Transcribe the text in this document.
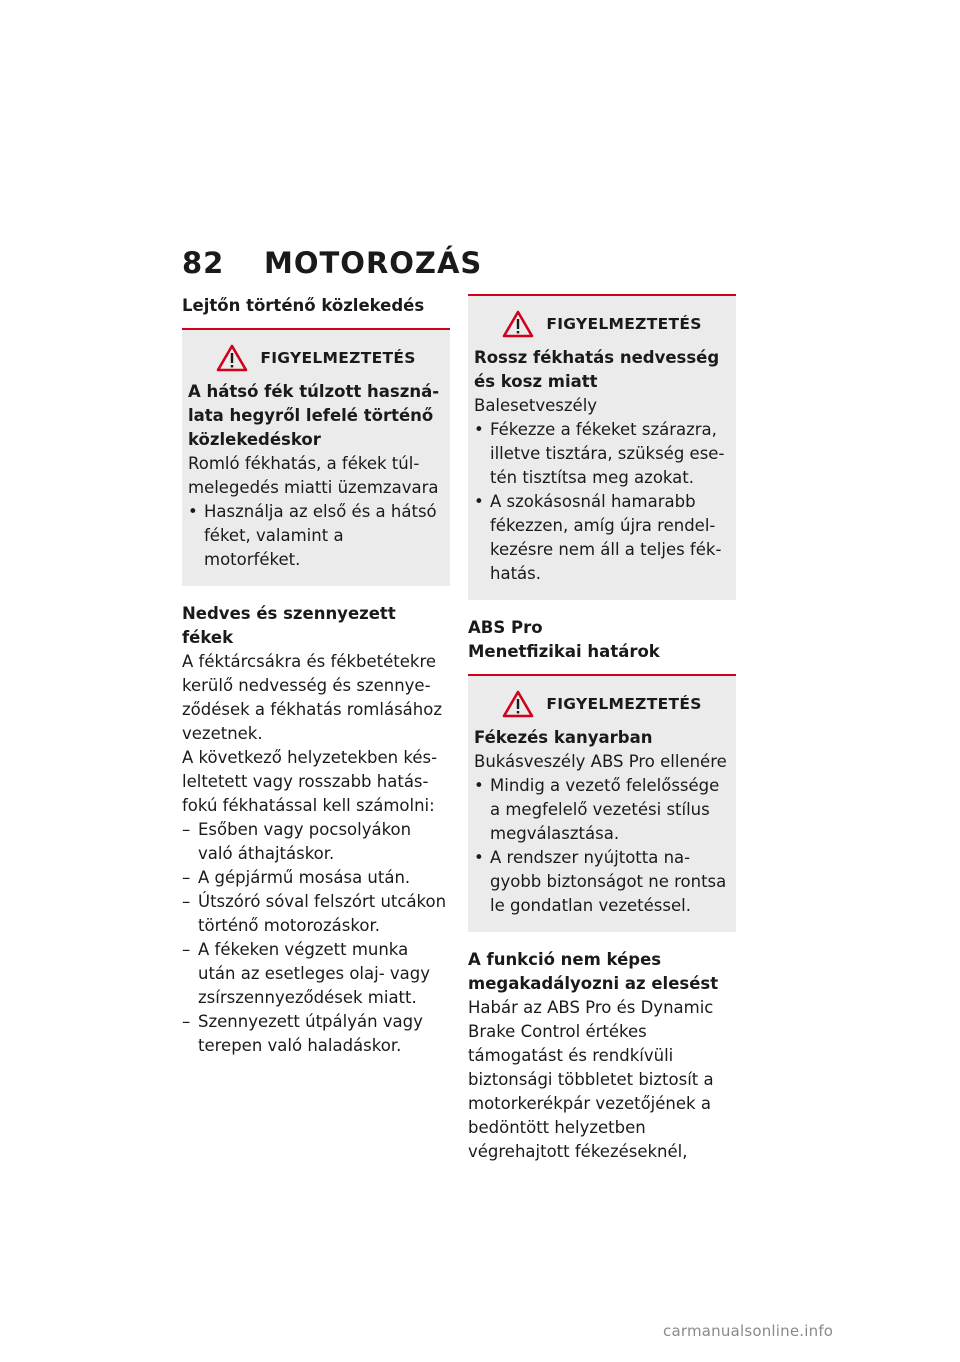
82	MOTOROZÁS

Lejtőn történő közlekedés

FIGYELMEZTETÉS

A hátsó fék túlzott használata hegyről lefelé történő közlekedéskor

Romló fékhatás, a fékek túlmelegedés miatti üzemzavara

• Használja az első és a hátsó féket, valamint a motorféket.

Nedves és szennyezett fékek

A féktárcsákra és fékbetétekre kerülő nedvesség és szennyeződések a fékhatás romlásához vezetnek.

A következő helyzetekben késleltetett vagy rosszabb hatásfokú fékhatással kell számolni:

– Esőben vagy pocsolyákon való áthajtáskor.
– A gépjármű mosása után.
– Útszóró sóval felszórt utcákon történő motorozáskor.
– A fékeken végzett munka után az esetleges olaj- vagy zsírszennyeződések miatt.
– Szennyezett útpályán vagy terepen való haladáskor.
FIGYELMEZTETÉS

Rossz fékhatás nedvesség és kosz miatt

Balesetveszély

• Fékezze a fékeket szárazra, illetve tisztára, szükség esetén tisztítsa meg azokat.
• A szokásosnál hamarabb fékezzen, amíg újra rendelkezésre nem áll a teljes fékhatás.

ABS Pro

Menetfizikai határok

FIGYELMEZTETÉS

Fékezés kanyarban

Bukásveszély ABS Pro ellenére

• Mindig a vezető felelőssége a megfelelő vezetési stílus megválasztása.
• A rendszer nyújtotta nagyobb biztonságot ne rontsa le gondatlan vezetéssel.

A funkció nem képes megakadályozni az elesést

Habár az ABS Pro és Dynamic Brake Control értékes támogatást és rendkívüli biztonsági többletet biztosít a motorkerékpár vezetőjének a bedöntött helyzetben végrehajtott fékezéseknél,

carmanualsonline.info
